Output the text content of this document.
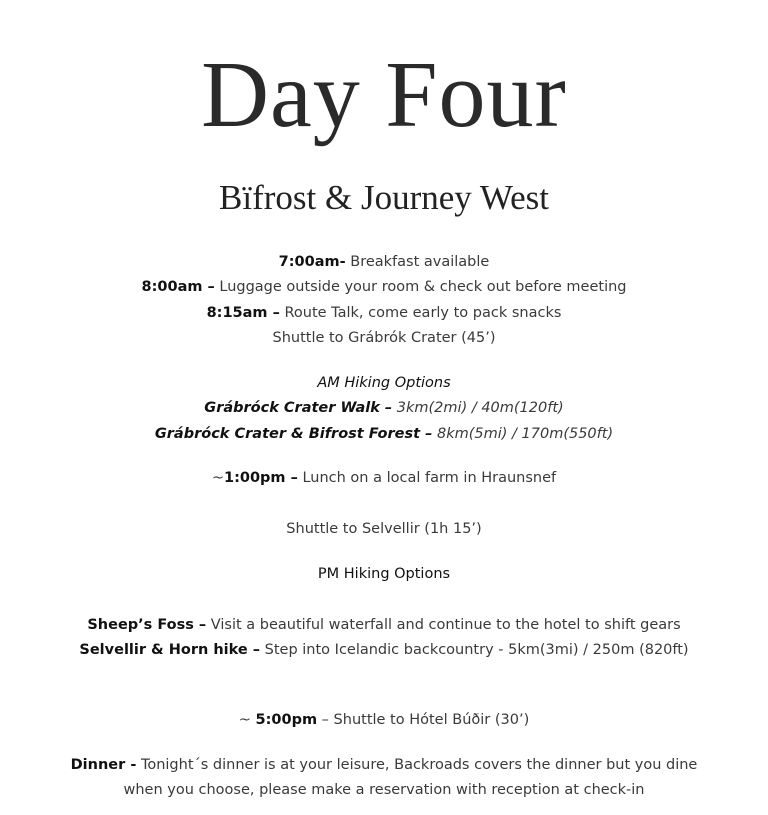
Day Four
Bïfrost & Journey West
7:00am- Breakfast available
8:00am – Luggage outside your room & check out before meeting
8:15am – Route Talk, come early to pack snacks
Shuttle to Grábrók Crater (45’)
AM Hiking Options
Grábróck Crater Walk – 3km(2mi) / 40m(120ft)
Grábróck Crater & Bifrost Forest – 8km(5mi) / 170m(550ft)
~1:00pm – Lunch on a local farm in Hraunsnef
Shuttle to Selvellir (1h 15’)
PM Hiking Options
Sheep’s Foss – Visit a beautiful waterfall and continue to the hotel to shift gears
Selvellir & Horn hike – Step into Icelandic backcountry - 5km(3mi) / 250m (820ft)
~ 5:00pm – Shuttle to Hótel Búðir (30’)
Dinner - Tonight´s dinner is at your leisure, Backroads covers the dinner but you dine
when you choose, please make a reservation with reception at check-in
